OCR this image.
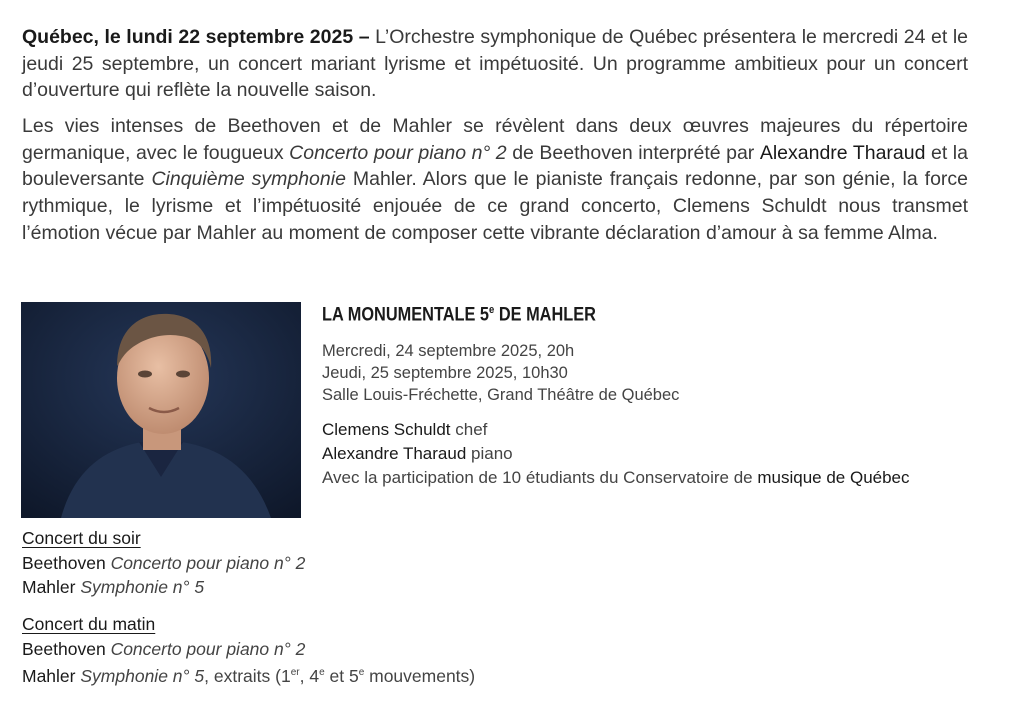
Québec, le lundi 22 septembre 2025 – L’Orchestre symphonique de Québec présentera le mercredi 24 et le jeudi 25 septembre, un concert mariant lyrisme et impétuosité. Un programme ambitieux pour un concert d’ouverture qui reflète la nouvelle saison.
Les vies intenses de Beethoven et de Mahler se révèlent dans deux œuvres majeures du répertoire germanique, avec le fougueux Concerto pour piano n° 2 de Beethoven interprété par Alexandre Tharaud et la bouleversante Cinquième symphonie Mahler. Alors que le pianiste français redonne, par son génie, la force rythmique, le lyrisme et l’impétuosité enjouée de ce grand concerto, Clemens Schuldt nous transmet l’émotion vécue par Mahler au moment de composer cette vibrante déclaration d’amour à sa femme Alma.
LA MONUMENTALE 5e DE MAHLER
Mercredi, 24 septembre 2025, 20h
Jeudi, 25 septembre 2025, 10h30
Salle Louis-Fréchette, Grand Théâtre de Québec
Clemens Schuldt chef
Alexandre Tharaud piano
Avec la participation de 10 étudiants du Conservatoire de musique de Québec
Concert du soir
Beethoven Concerto pour piano n° 2
Mahler Symphonie n° 5
Concert du matin
Beethoven Concerto pour piano n° 2
Mahler Symphonie n° 5, extraits (1er, 4e et 5e mouvements)
